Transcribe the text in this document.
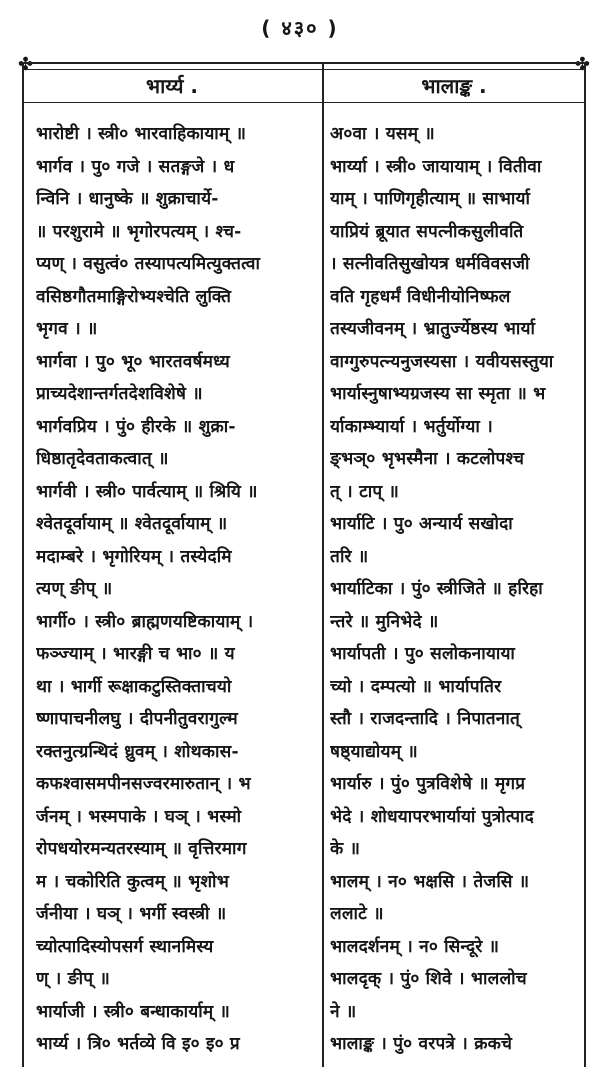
( ४३० )
✤	✤
भार्य्य .	भालाङ्क .
भारोष्टी । स्त्री० भारवाहिकायाम् ॥
भार्गव । पु० गजे । सतङ्गजे । ध
न्विनि । धानुष्के ॥ शुक्राचार्ये-
॥ परशुरामे ॥ भृगोरपत्यम् । श्च-
प्यण् । वसुत्वं० तस्यापत्यमित्युक्तत्वा
वसिष्ठगौतमाङ्गिरोभ्यश्चेति लुक्ति
भृगव । ॥
भार्गवा । पु० भू० भारतवर्षमध्य
प्राच्यदेशान्तर्गतदेशविशेषे ॥
भार्गवप्रिय । पुं० हीरके ॥ शुक्रा-
धिष्ठातृदेवताकत्वात् ॥
भार्गवी । स्त्री० पार्वत्याम् ॥ श्रियि ॥
श्वेतदूर्वायाम् ॥ श्वेतदूर्वायाम् ॥
मदाम्बरे । भृगोरियम् । तस्येदमि
त्यण् ङीप् ॥
भार्गी० । स्त्री० ब्राह्मणयष्टिकायाम् ।
फञ्ज्याम् । भारङ्गी च भा० ॥ य
था । भार्गी रूक्षाकटुस्तिक्ताचयो
ष्णापाचनीलघु । दीपनीतुवरागुल्म
रक्तनुत्ग्रन्थिदं ध्रुवम् । शोथकास-
कफश्वासमपीनसज्वरमारुतान् । भ
र्जनम् । भस्मपाके । घञ् । भस्मो
रोपधयोरमन्यतरस्याम् ॥ वृत्तिरमाग
म । चकोरिति कुत्वम् ॥ भृशोभ
र्जनीया । घञ् । भर्गी स्वस्त्री ॥
च्योत्पादिस्योपसर्ग स्थानमिस्य
ण् । ङीप् ॥
भार्याजी । स्त्री० बन्धाकार्याम् ॥
भार्य्य । त्रि० भर्तव्ये वि इ० इ० प्र
अ०वा । यसम् ॥
भार्य्या । स्त्री० जायायाम् । वितीवा
याम् । पाणिगृहीत्याम् ॥ साभार्या
याप्रियं ब्रूयात सपत्नीकसुलीवति
। सत्नीवतिसुखोयत्र धर्मविवसजी
वति गृहधर्मं विधीनीयोनिष्फल
तस्यजीवनम् । भ्रातुर्ज्येष्ठस्य भार्या
वाग्गुरुपत्न्यनुजस्यसा । यवीयसस्तुया
भार्यास्नुषाभ्यग्रजस्य सा स्मृता ॥ भ
र्याकाम्भ्यार्या । भर्तुर्योग्या ।
ङ्भञ्० भृभस्मैना । कटलोपश्च
त् । टाप् ॥
भार्याटि । पु० अन्यार्य सखोदा
तरि ॥
भार्याटिका । पुं० स्त्रीजिते ॥ हरिहा
न्तरे ॥ मुनिभेदे ॥
भार्यापती । पु० सलोकनायाया
च्यो । दम्पत्यो ॥ भार्यापतिर
स्तौ । राजदन्तादि । निपातनात्
षष्ठ्याद्योयम् ॥
भार्यारु । पुं० पुत्रविशेषे ॥ मृगप्र
भेदे । शोधयापरभार्यायां पुत्रोत्पाद
के ॥
भालम् । न० भक्षसि । तेजसि ॥
ललाटे ॥
भालदर्शनम् । न० सिन्दूरे ॥
भालदृक् । पुं० शिवे । भाललोच
ने ॥
भालाङ्क । पुं० वरपत्रे । क्रकचे
